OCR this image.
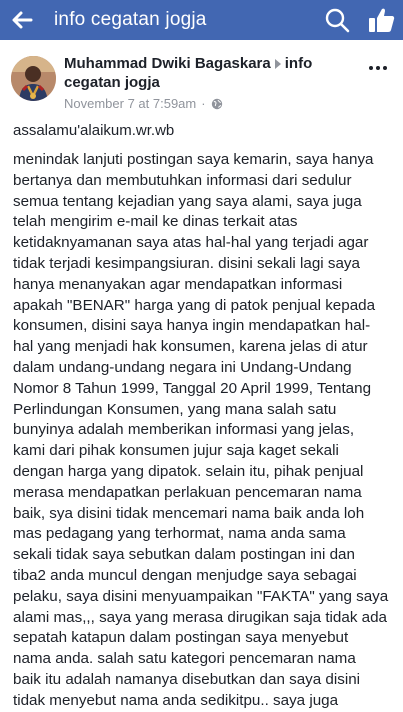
info cegatan jogja
Muhammad Dwiki Bagaskara info cegatan jogja
November 7 at 7:59am ·
assalamu'alaikum.wr.wb
menindak lanjuti postingan saya kemarin, saya hanya
bertanya dan membutuhkan informasi dari sedulur
semua tentang kejadian yang saya alami, saya juga
telah mengirim e-mail ke dinas terkait atas
ketidaknyamanan saya atas hal-hal yang terjadi agar
tidak terjadi kesimpangsiuran. disini sekali lagi saya
hanya menanyakan agar mendapatkan informasi
apakah "BENAR" harga yang di patok penjual kepada
konsumen, disini saya hanya ingin mendapatkan hal-
hal yang menjadi hak konsumen, karena jelas di atur
dalam undang-undang negara ini Undang-Undang
Nomor 8 Tahun 1999, Tanggal 20 April 1999, Tentang
Perlindungan Konsumen, yang mana salah satu
bunyinya adalah memberikan informasi yang jelas,
kami dari pihak konsumen jujur saja kaget sekali
dengan harga yang dipatok. selain itu, pihak penjual
merasa mendapatkan perlakuan pencemaran nama
baik, sya disini tidak mencemari nama baik anda loh
mas pedagang yang terhormat, nama anda sama
sekali tidak saya sebutkan dalam postingan ini dan
tiba2 anda muncul dengan menjudge saya sebagai
pelaku, saya disini menyuampaikan "FAKTA" yang saya
alami mas,,, saya yang merasa dirugikan saja tidak ada
sepatah katapun dalam postingan saya menyebut
nama anda. salah satu kategori pencemaran nama
baik itu adalah namanya disebutkan dan saya disini
tidak menyebut nama anda sedikitpu.. saya juga
